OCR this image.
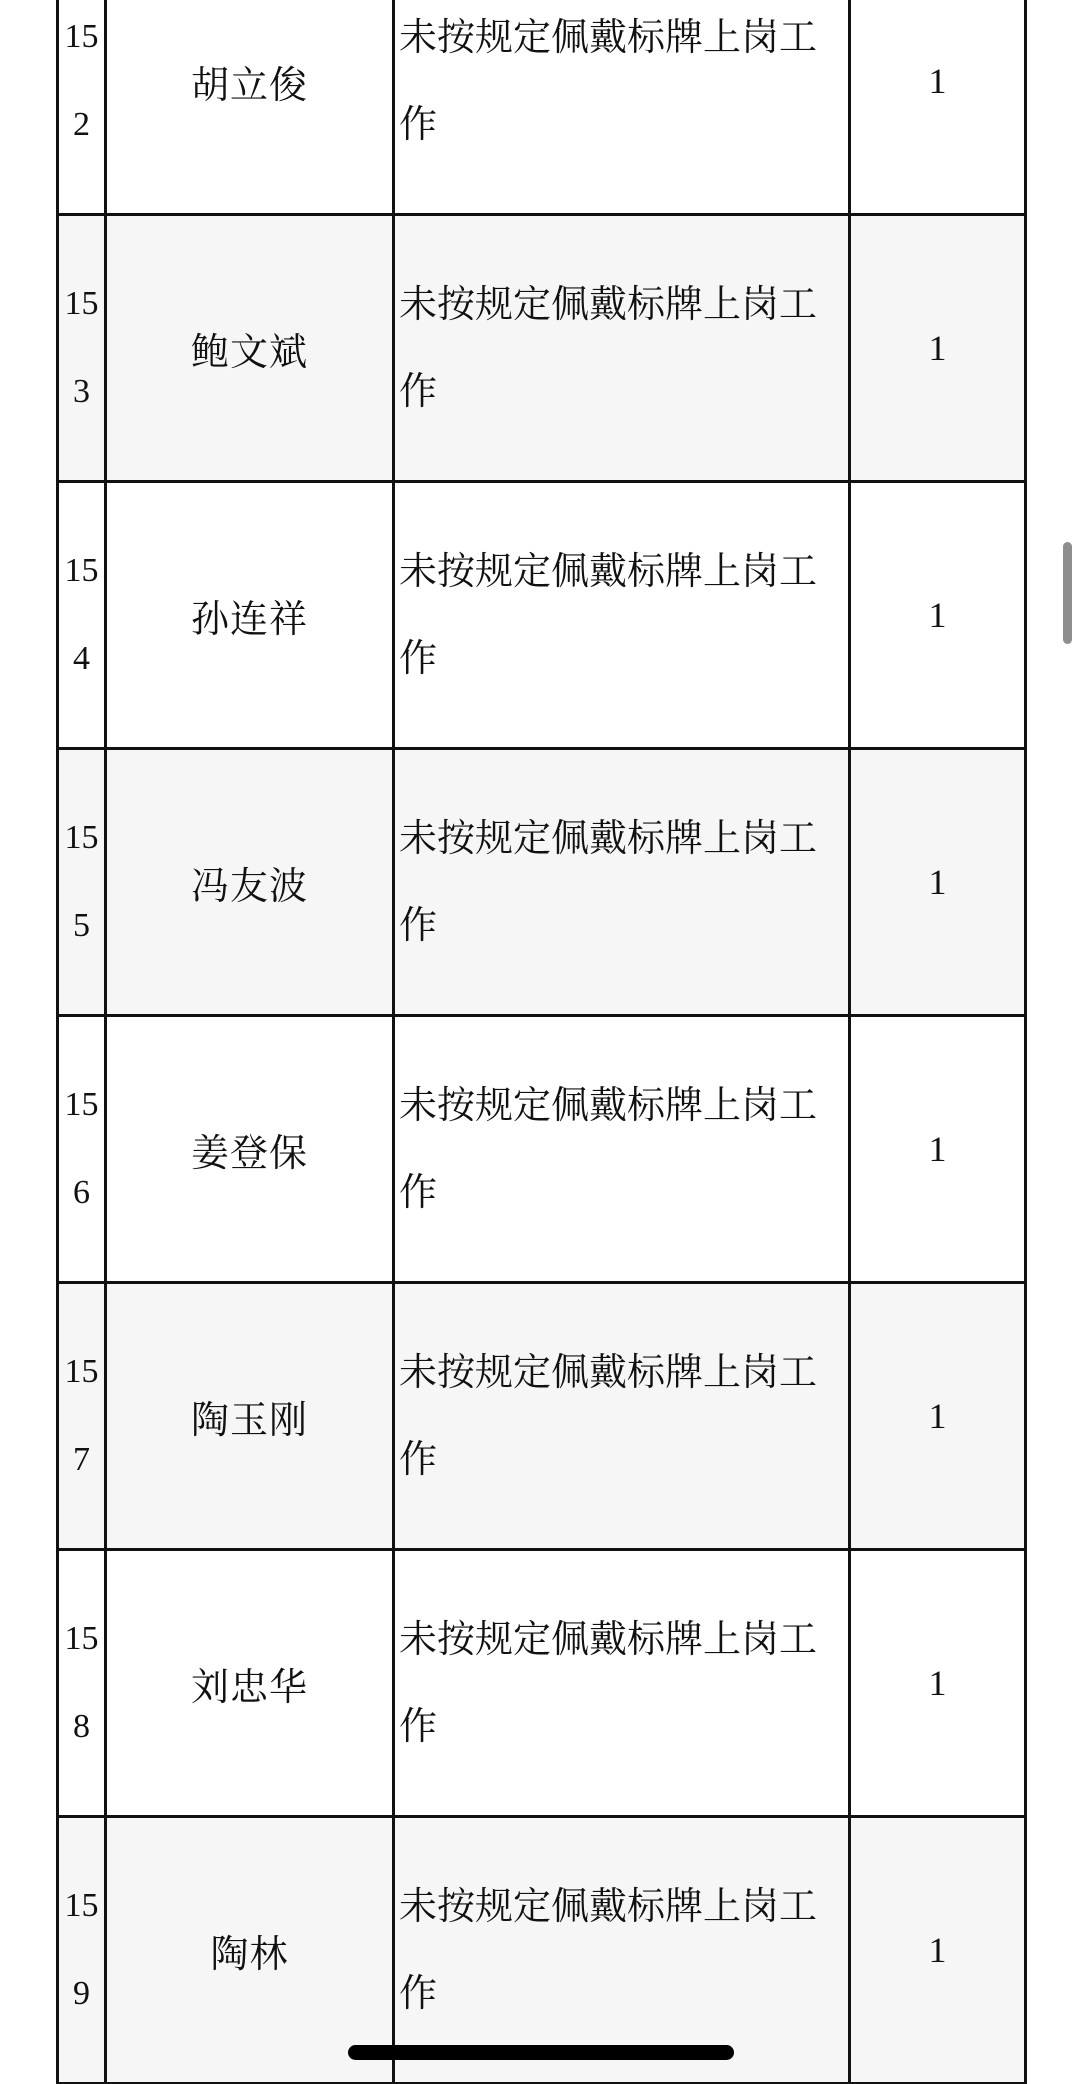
152	胡立俊	未按规定佩戴标牌上岗工作	1
153	鲍文斌	未按规定佩戴标牌上岗工作	1
154	孙连祥	未按规定佩戴标牌上岗工作	1
155	冯友波	未按规定佩戴标牌上岗工作	1
156	姜登保	未按规定佩戴标牌上岗工作	1
157	陶玉刚	未按规定佩戴标牌上岗工作	1
158	刘忠华	未按规定佩戴标牌上岗工作	1
159	陶林	未按规定佩戴标牌上岗工作	1
